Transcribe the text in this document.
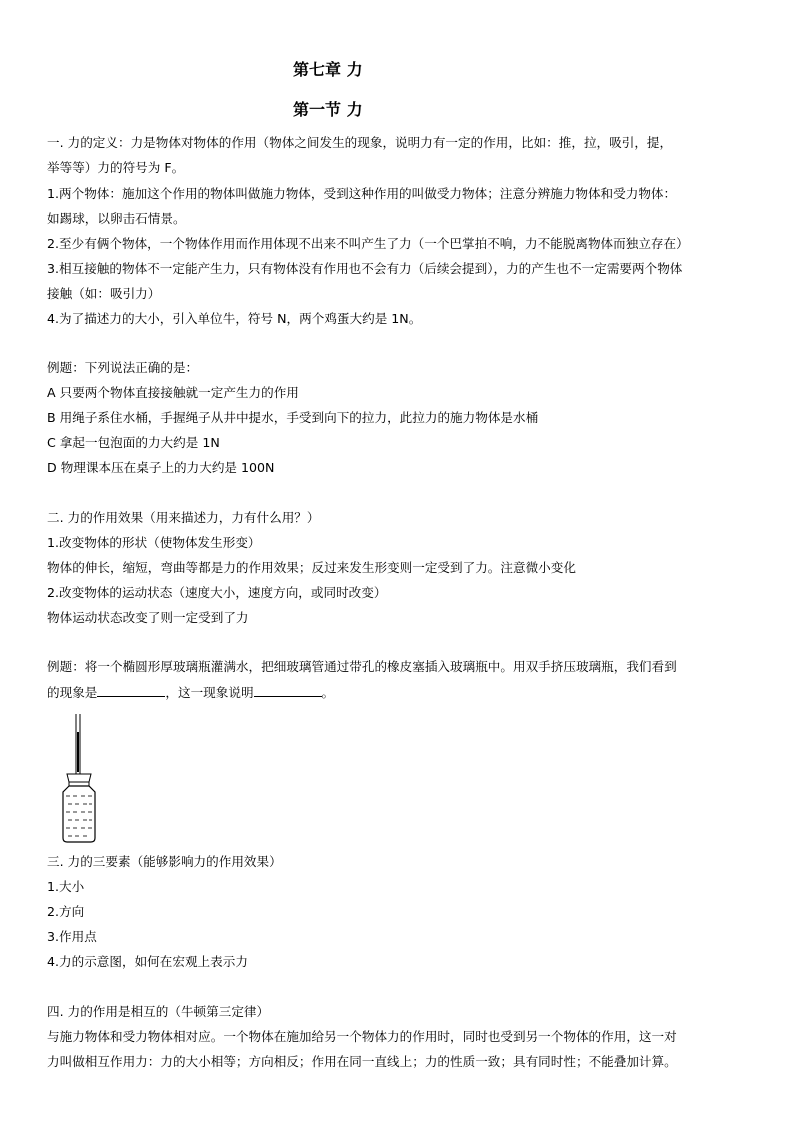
第七章 力
第一节 力
一. 力的定义：力是物体对物体的作用（物体之间发生的现象，说明力有一定的作用，比如：推，拉，吸引，提，
举等等）力的符号为 F。
1.两个物体：施加这个作用的物体叫做施力物体，受到这种作用的叫做受力物体；注意分辨施力物体和受力物体：
如踢球，以卵击石情景。
2.至少有俩个物体，一个物体作用而作用体现不出来不叫产生了力（一个巴掌拍不响，力不能脱离物体而独立存在）
3.相互接触的物体不一定能产生力，只有物体没有作用也不会有力（后续会提到），力的产生也不一定需要两个物体
接触（如：吸引力）
4.为了描述力的大小，引入单位牛，符号 N，两个鸡蛋大约是 1N。
例题：下列说法正确的是：
A 只要两个物体直接接触就一定产生力的作用
B 用绳子系住水桶，手握绳子从井中提水，手受到向下的拉力，此拉力的施力物体是水桶
C 拿起一包泡面的力大约是 1N
D 物理课本压在桌子上的力大约是 100N
二. 力的作用效果（用来描述力，力有什么用？）
1.改变物体的形状（使物体发生形变）
物体的伸长，缩短，弯曲等都是力的作用效果；反过来发生形变则一定受到了力。注意微小变化
2.改变物体的运动状态（速度大小，速度方向，或同时改变）
物体运动状态改变了则一定受到了力
例题：将一个椭圆形厚玻璃瓶灌满水，把细玻璃管通过带孔的橡皮塞插入玻璃瓶中。用双手挤压玻璃瓶，我们看到
的现象是	，这一现象说明	。
三. 力的三要素（能够影响力的作用效果）
1.大小
2.方向
3.作用点
4.力的示意图，如何在宏观上表示力
四. 力的作用是相互的（牛顿第三定律）
与施力物体和受力物体相对应。一个物体在施加给另一个物体力的作用时，同时也受到另一个物体的作用，这一对
力叫做相互作用力：力的大小相等；方向相反；作用在同一直线上；力的性质一致；具有同时性；不能叠加计算。
